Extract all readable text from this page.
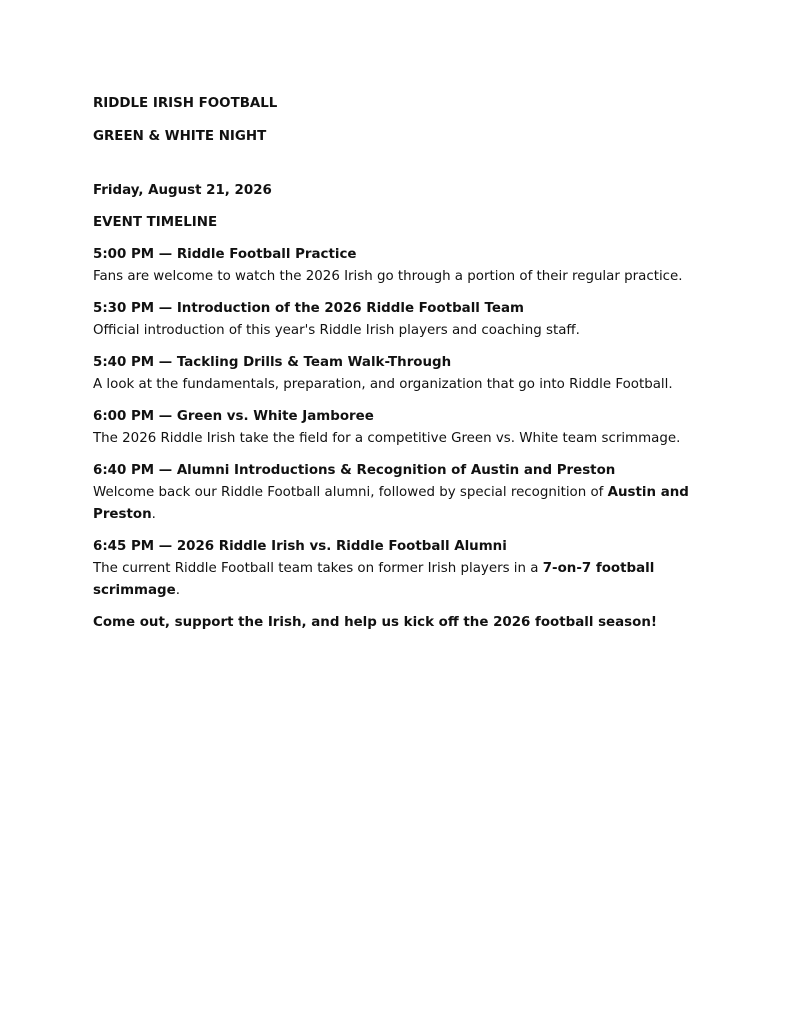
RIDDLE IRISH FOOTBALL

GREEN & WHITE NIGHT

Friday, August 21, 2026

EVENT TIMELINE

5:00 PM — Riddle Football Practice

Fans are welcome to watch the 2026 Irish go through a portion of their regular practice.

5:30 PM — Introduction of the 2026 Riddle Football Team

Official introduction of this year's Riddle Irish players and coaching staff.

5:40 PM — Tackling Drills & Team Walk-Through

A look at the fundamentals, preparation, and organization that go into Riddle Football.

6:00 PM — Green vs. White Jamboree

The 2026 Riddle Irish take the field for a competitive Green vs. White team scrimmage.

6:40 PM — Alumni Introductions & Recognition of Austin and Preston

Welcome back our Riddle Football alumni, followed by special recognition of Austin and Preston.

6:45 PM — 2026 Riddle Irish vs. Riddle Football Alumni

The current Riddle Football team takes on former Irish players in a 7-on-7 football scrimmage.

Come out, support the Irish, and help us kick off the 2026 football season!
